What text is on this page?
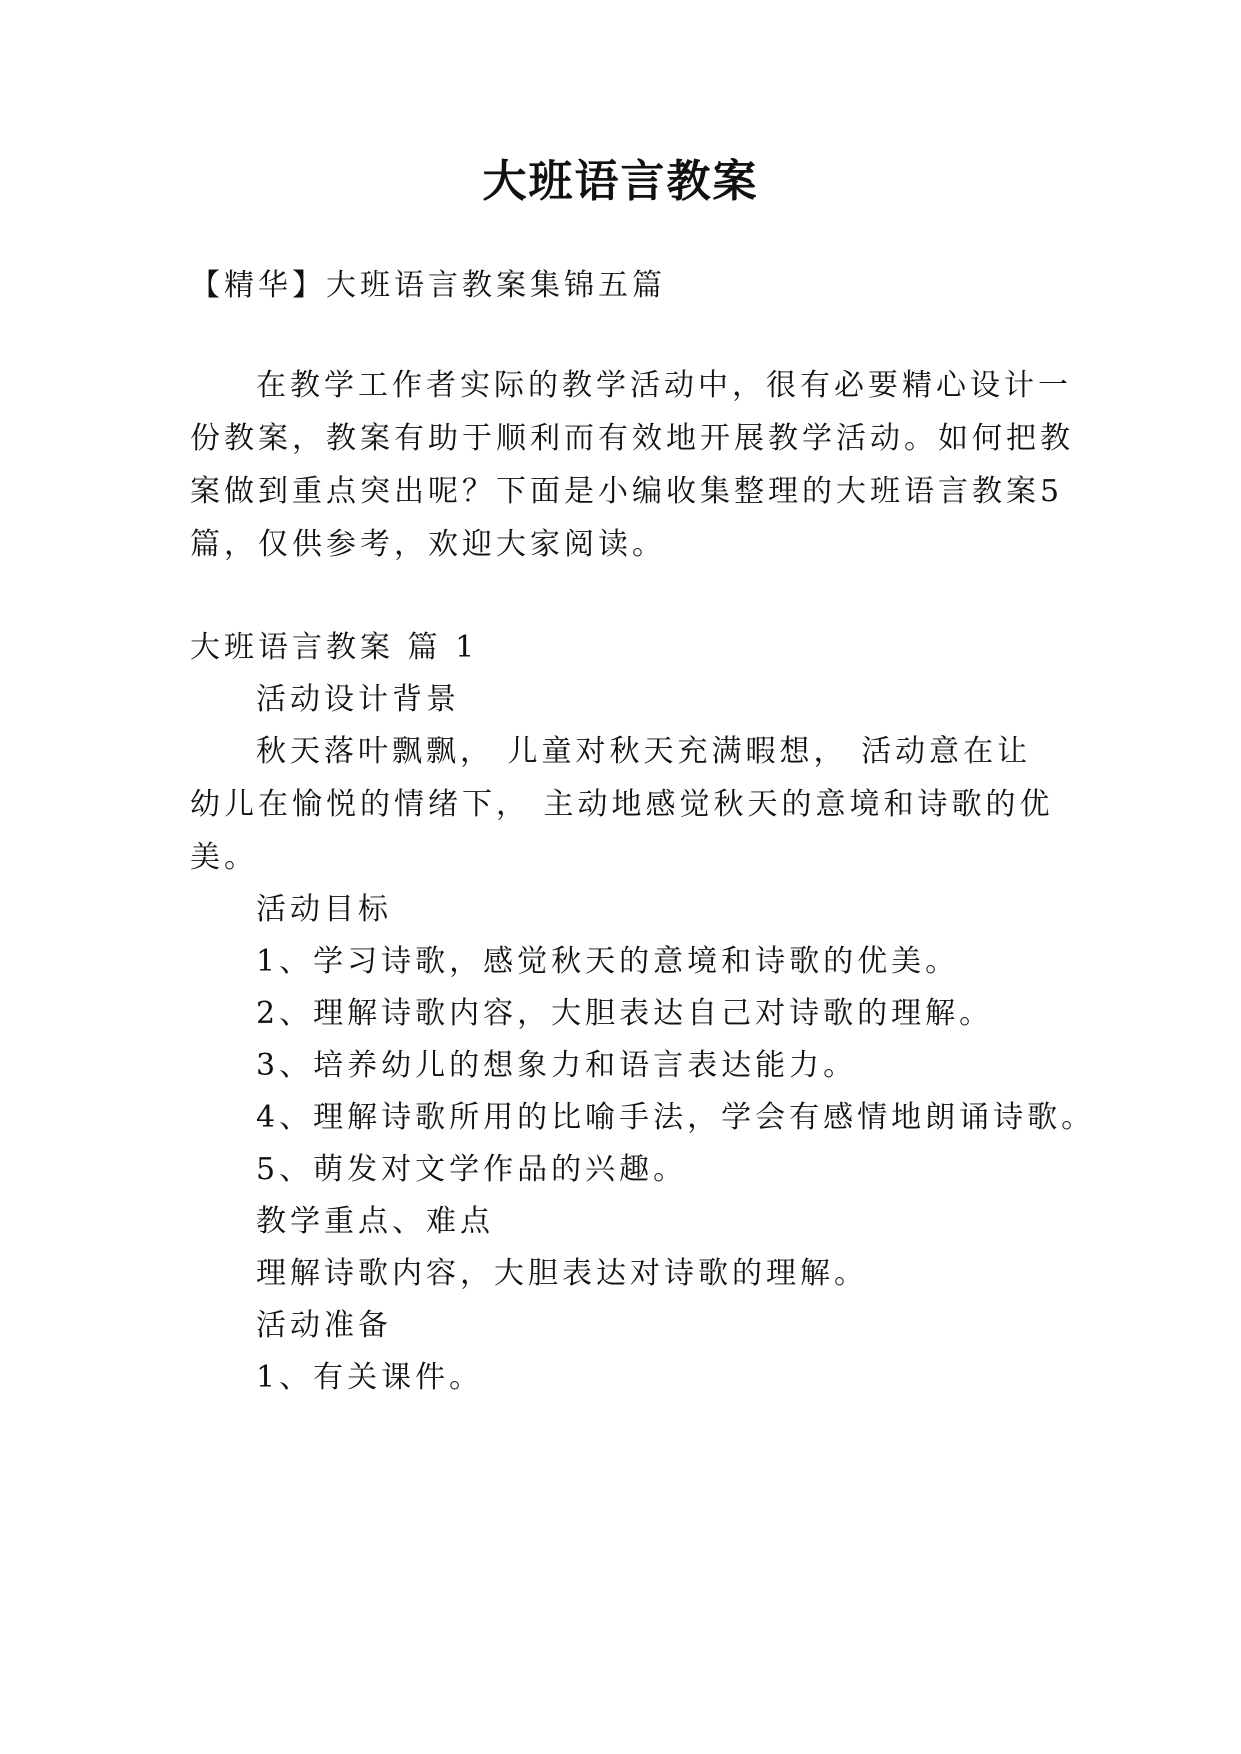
大班语言教案
【精华】大班语言教案集锦五篇
在教学工作者实际的教学活动中，很有必要精心设计一
份教案，教案有助于顺利而有效地开展教学活动。如何把教
案做到重点突出呢？下面是小编收集整理的大班语言教案5
篇，仅供参考，欢迎大家阅读。
大班语言教案 篇 1
活动设计背景
秋天落叶飘飘， 儿童对秋天充满暇想， 活动意在让
幼儿在愉悦的情绪下， 主动地感觉秋天的意境和诗歌的优
美。
活动目标
1、学习诗歌，感觉秋天的意境和诗歌的优美。
2、理解诗歌内容，大胆表达自己对诗歌的理解。
3、培养幼儿的想象力和语言表达能力。
4、理解诗歌所用的比喻手法，学会有感情地朗诵诗歌。
5、萌发对文学作品的兴趣。
教学重点、难点
理解诗歌内容，大胆表达对诗歌的理解。
活动准备
1、有关课件。
